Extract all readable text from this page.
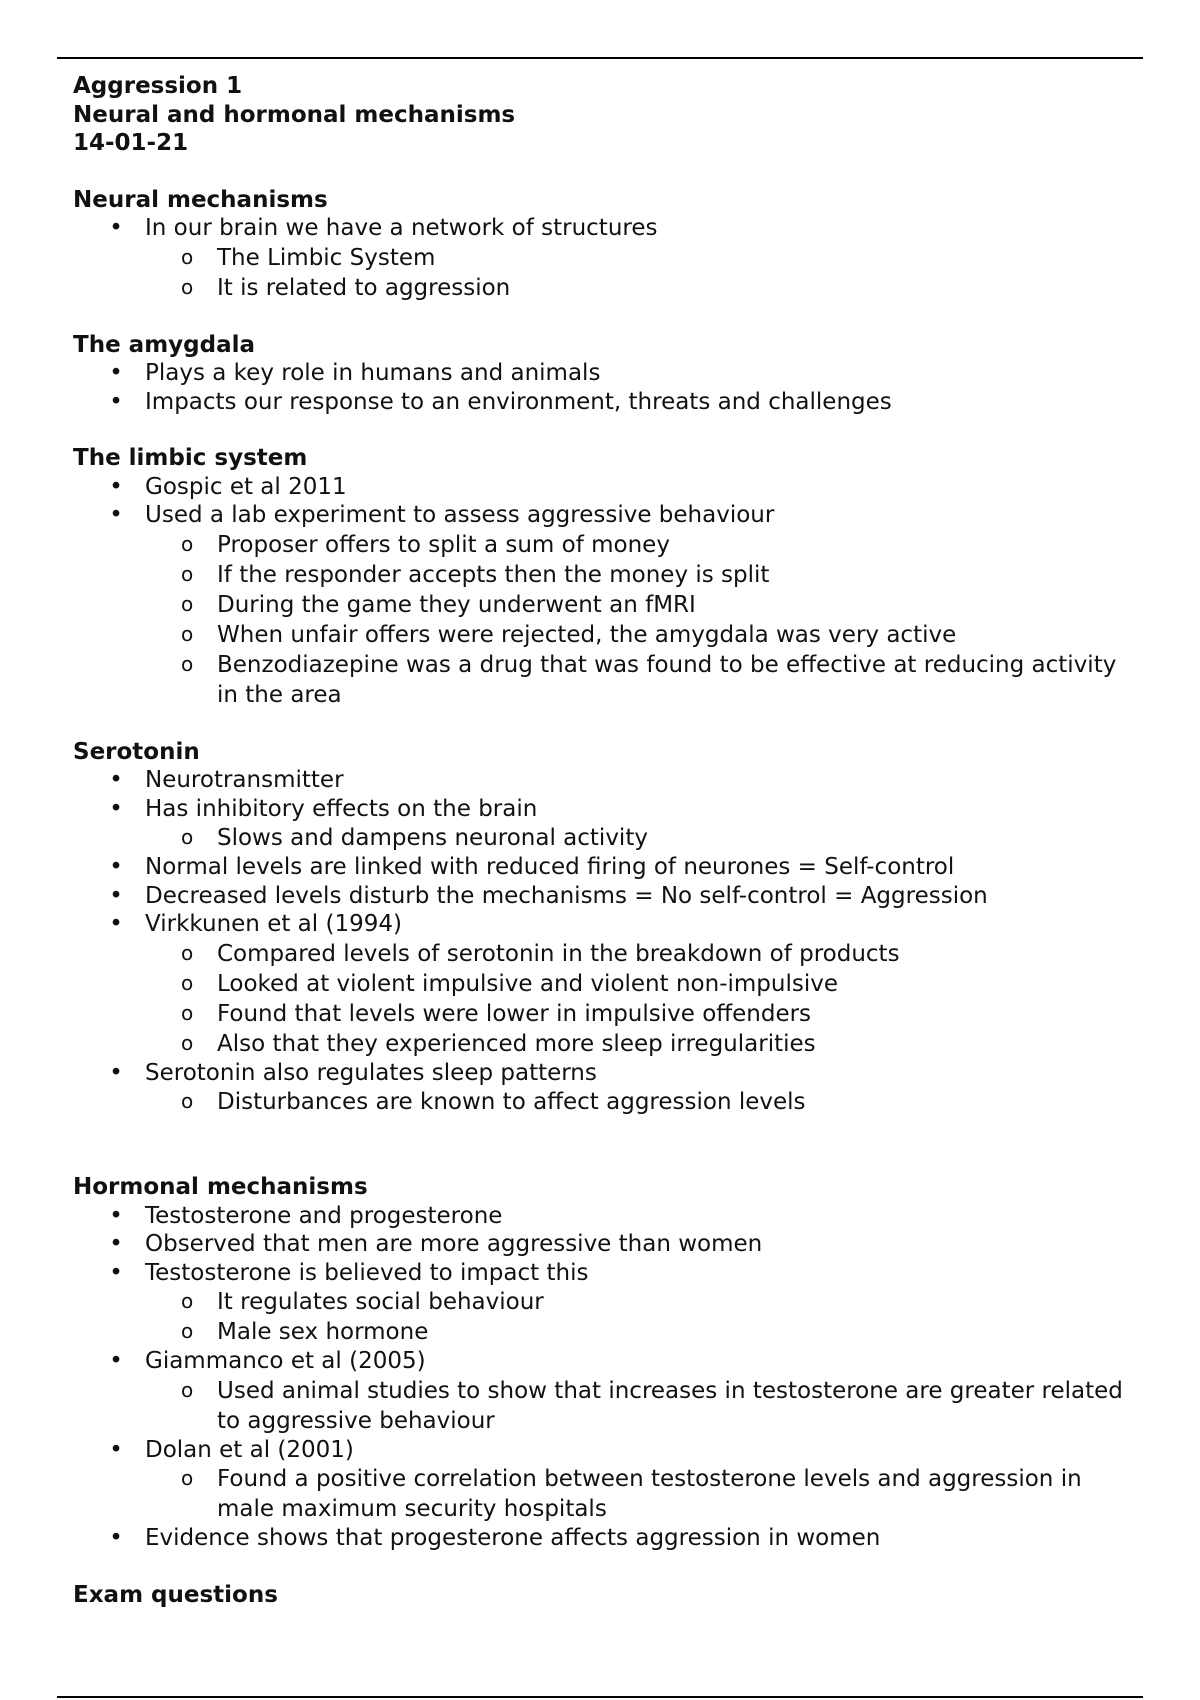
Aggression 1
Neural and hormonal mechanisms
14-01-21
Neural mechanisms
• In our brain we have a network of structures
o The Limbic System
o It is related to aggression
The amygdala
• Plays a key role in humans and animals
• Impacts our response to an environment, threats and challenges
The limbic system
• Gospic et al 2011
• Used a lab experiment to assess aggressive behaviour
o Proposer offers to split a sum of money
o If the responder accepts then the money is split
o During the game they underwent an fMRI
o When unfair offers were rejected, the amygdala was very active
o Benzodiazepine was a drug that was found to be effective at reducing activity in the area
Serotonin
• Neurotransmitter
• Has inhibitory effects on the brain
o Slows and dampens neuronal activity
• Normal levels are linked with reduced firing of neurones = Self-control
• Decreased levels disturb the mechanisms = No self-control = Aggression
• Virkkunen et al (1994)
o Compared levels of serotonin in the breakdown of products
o Looked at violent impulsive and violent non-impulsive
o Found that levels were lower in impulsive offenders
o Also that they experienced more sleep irregularities
• Serotonin also regulates sleep patterns
o Disturbances are known to affect aggression levels
Hormonal mechanisms
• Testosterone and progesterone
• Observed that men are more aggressive than women
• Testosterone is believed to impact this
o It regulates social behaviour
o Male sex hormone
• Giammanco et al (2005)
o Used animal studies to show that increases in testosterone are greater related to aggressive behaviour
• Dolan et al (2001)
o Found a positive correlation between testosterone levels and aggression in male maximum security hospitals
• Evidence shows that progesterone affects aggression in women
Exam questions
